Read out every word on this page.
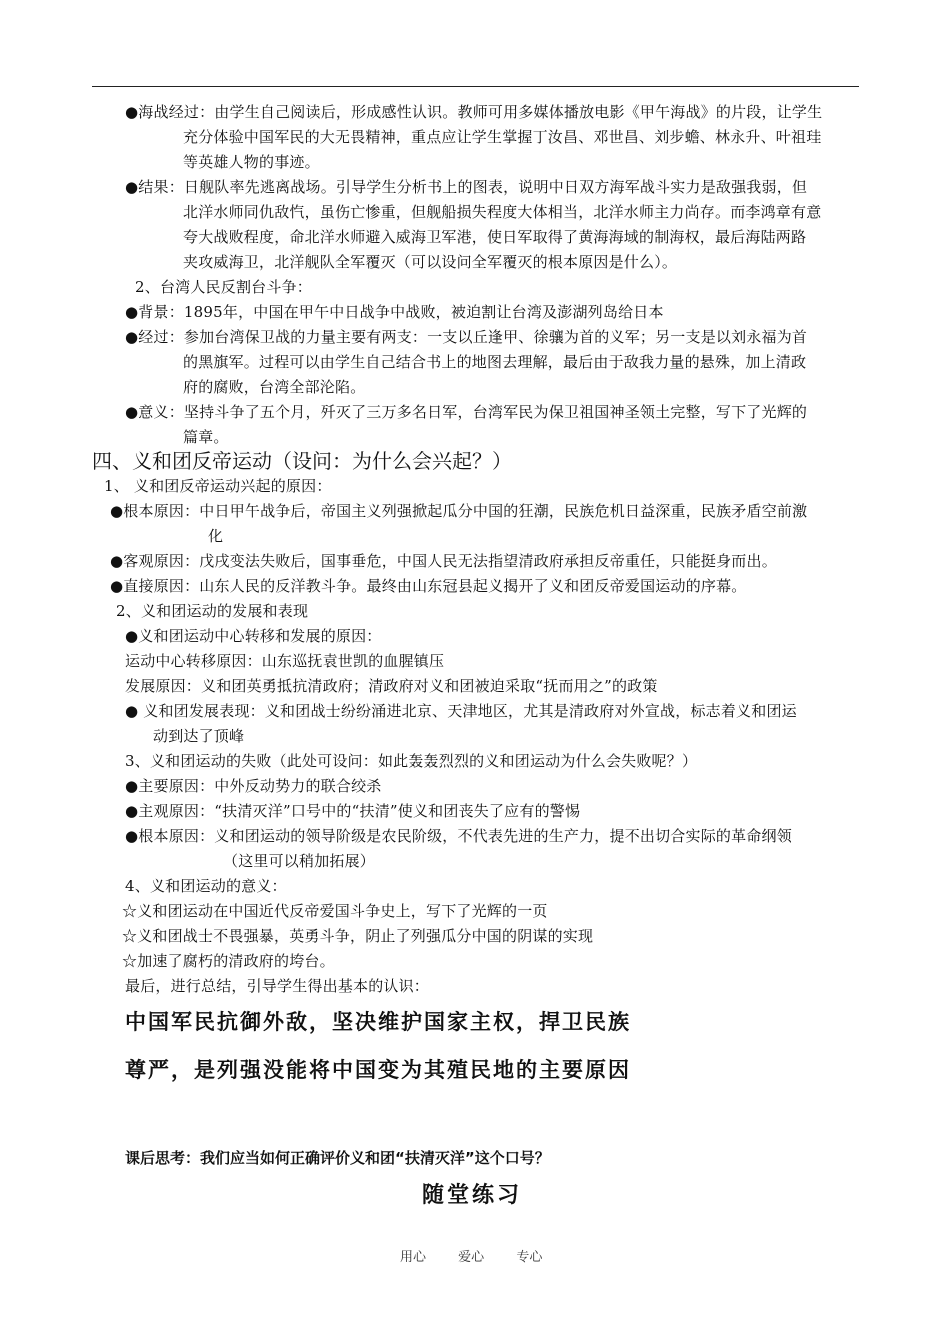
●海战经过：由学生自己阅读后，形成感性认识。教师可用多媒体播放电影《甲午海战》的片段，让学生
充分体验中国军民的大无畏精神，重点应让学生掌握丁汝昌、邓世昌、刘步蟾、林永升、叶祖珪
等英雄人物的事迹。
●结果：日舰队率先逃离战场。引导学生分析书上的图表，说明中日双方海军战斗实力是敌强我弱，但
北洋水师同仇敌忾，虽伤亡惨重，但舰船损失程度大体相当，北洋水师主力尚存。而李鸿章有意
夸大战败程度，命北洋水师避入威海卫军港，使日军取得了黄海海域的制海权，最后海陆两路
夹攻威海卫，北洋舰队全军覆灭（可以设问全军覆灭的根本原因是什么）。
2、台湾人民反割台斗争：
●背景：1895年，中国在甲午中日战争中战败，被迫割让台湾及澎湖列岛给日本
●经过：参加台湾保卫战的力量主要有两支：一支以丘逢甲、徐骧为首的义军；另一支是以刘永福为首
的黑旗军。过程可以由学生自己结合书上的地图去理解，最后由于敌我力量的悬殊，加上清政
府的腐败，台湾全部沦陷。
●意义：坚持斗争了五个月，歼灭了三万多名日军，台湾军民为保卫祖国神圣领土完整，写下了光辉的
篇章。
四、义和团反帝运动（设问：为什么会兴起？）
1、 义和团反帝运动兴起的原因：
●根本原因：中日甲午战争后，帝国主义列强掀起瓜分中国的狂潮，民族危机日益深重，民族矛盾空前激
化
●客观原因：戊戌变法失败后，国事垂危，中国人民无法指望清政府承担反帝重任，只能挺身而出。
●直接原因：山东人民的反洋教斗争。最终由山东冠县起义揭开了义和团反帝爱国运动的序幕。
2、义和团运动的发展和表现
●义和团运动中心转移和发展的原因：
运动中心转移原因：山东巡抚袁世凯的血腥镇压
发展原因：义和团英勇抵抗清政府；清政府对义和团被迫采取“抚而用之”的政策
● 义和团发展表现：义和团战士纷纷涌进北京、天津地区，尤其是清政府对外宣战，标志着义和团运
动到达了顶峰
3、义和团运动的失败（此处可设问：如此轰轰烈烈的义和团运动为什么会失败呢？）
●主要原因：中外反动势力的联合绞杀
●主观原因：“扶清灭洋”口号中的“扶清”使义和团丧失了应有的警惕
●根本原因：义和团运动的领导阶级是农民阶级，不代表先进的生产力，提不出切合实际的革命纲领
（这里可以稍加拓展）
4、义和团运动的意义：
☆义和团运动在中国近代反帝爱国斗争史上，写下了光辉的一页
☆义和团战士不畏强暴，英勇斗争，阴止了列强瓜分中国的阴谋的实现
☆加速了腐朽的清政府的垮台。
最后，进行总结，引导学生得出基本的认识：
中国军民抗御外敌，坚决维护国家主权，捍卫民族
尊严，是列强没能将中国变为其殖民地的主要原因
课后思考：我们应当如何正确评价义和团“扶清灭洋”这个口号？
随堂练习
用心 爱心 专心
